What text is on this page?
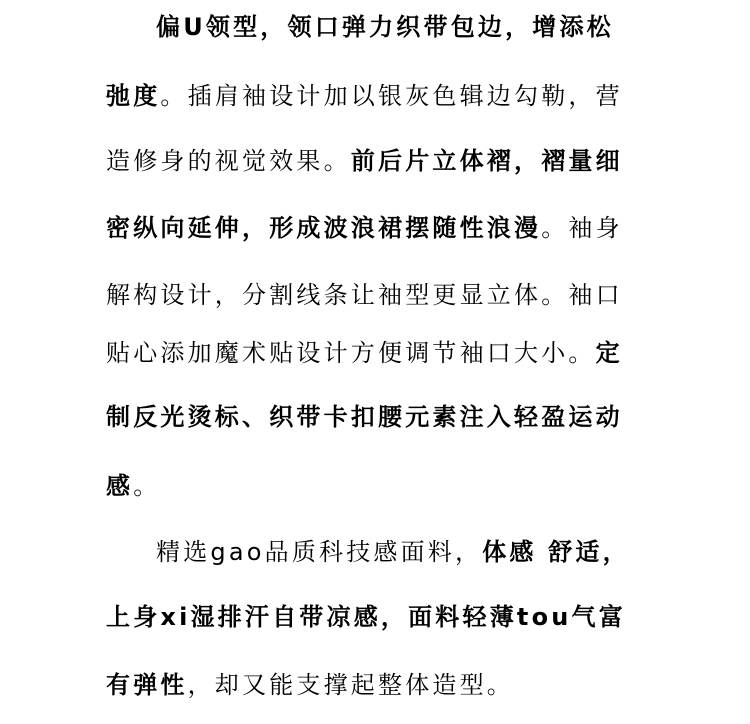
偏U领型，领口弹力织带包边，增添松
弛度。插肩袖设计加以银灰色辑边勾勒，营
造修身的视觉效果。前后片立体褶，褶量细
密纵向延伸，形成波浪裙摆随性浪漫。袖身
解构设计，分割线条让袖型更显立体。袖口
贴心添加魔术贴设计方便调节袖口大小。定
制反光烫标、织带卡扣腰元素注入轻盈运动
感。
精选gao品质科技感面料，体感 舒适，
上身xi湿排汗自带凉感，面料轻薄tou气富
有弹性，却又能支撑起整体造型。
